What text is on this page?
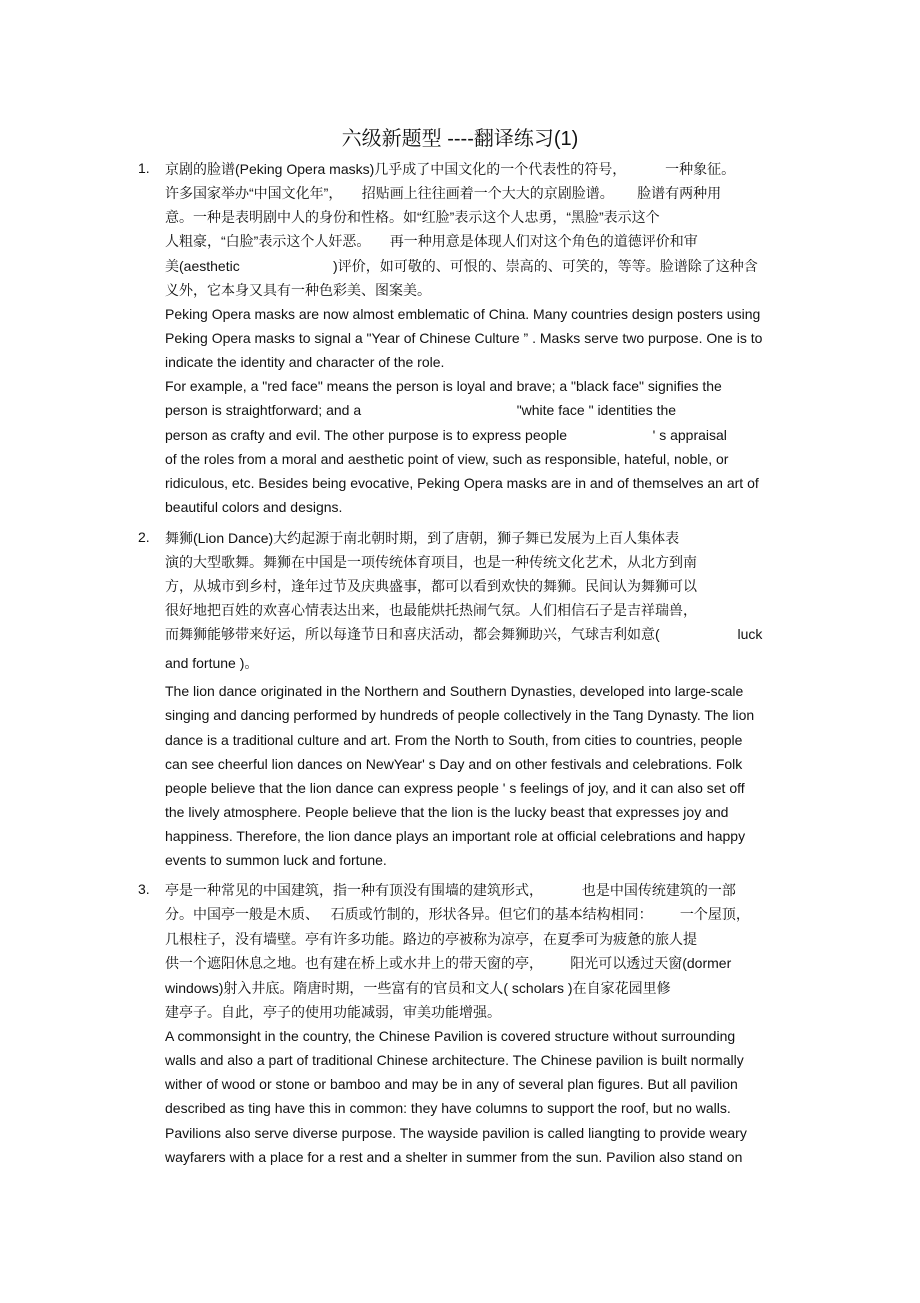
六级新题型 ----翻译练习(1)
1. 京剧的脸谱(Peking Opera masks)几乎成了中国文化的一个代表性的符号，          一种象征。
许多国家举办“中国文化年”，     招贴画上往往画着一个大大的京剧脸谱。      脸谱有两种用
意。一种是表明剧中人的身份和性格。如“红脸”表示这个人忠勇，“黑脸”表示这个
人粗豪，“白脸”表示这个人奸恶。     再一种用意是体现人们对这个角色的道德评价和审
美(aesthetic                        )评价，如可敬的、可恨的、崇高的、可笑的，等等。脸谱除了这种含
义外，它本身又具有一种色彩美、图案美。
Peking Opera masks are now almost emblematic of China. Many countries design posters using
Peking Opera masks to signal a "Year of Chinese Culture ” . Masks serve two purpose. One is to
indicate the identity and character of the role.
For example, a "red face" means the person is loyal and brave; a "black face" signifies the
person is straightforward; and a                                        "white face " identities the
person as crafty and evil. The other purpose is to express people                      ' s appraisal
of the roles from a moral and aesthetic point of view, such as responsible, hateful, noble, or
ridiculous, etc. Besides being evocative, Peking Opera masks are in and of themselves an art of
beautiful colors and designs.
2. 舞狮(Lion Dance)大约起源于南北朝时期，到了唐朝，狮子舞已发展为上百人集体表
演的大型歌舞。舞狮在中国是一项传统体育项目，也是一种传统文化艺术，从北方到南
方，从城市到乡村，逢年过节及庆典盛事，都可以看到欢快的舞狮。民间认为舞狮可以
很好地把百姓的欢喜心情表达出来，也最能烘托热闹气氛。人们相信石子是吉祥瑞兽，
而舞狮能够带来好运，所以每逢节日和喜庆活动，都会舞狮助兴，气球吉利如意(                    luck
and fortune )。
The lion dance originated in the Northern and Southern Dynasties, developed into large-scale
singing and dancing performed by hundreds of people collectively in the Tang Dynasty. The lion
dance is a traditional culture and art. From the North to South, from cities to countries, people
can see cheerful lion dances on NewYear' s Day and on other festivals and celebrations. Folk
people believe that the lion dance can express people ' s feelings of joy, and it can also set off
the lively atmosphere. People believe that the lion is the lucky beast that expresses joy and
happiness. Therefore, the lion dance plays an important role at official celebrations and happy
events to summon luck and fortune.
3. 亭是一种常见的中国建筑，指一种有顶没有围墙的建筑形式，          也是中国传统建筑的一部
分。中国亭一般是木质、   石质或竹制的，形状各异。但它们的基本结构相同：       一个屋顶，
几根柱子，没有墙壁。亭有许多功能。路边的亭被称为凉亭，在夏季可为疲惫的旅人提
供一个遮阳休息之地。也有建在桥上或水井上的带天窗的亭，       阳光可以透过天窗(dormer
windows)射入井底。隋唐时期，一些富有的官员和文人( scholars )在自家花园里修
建亭子。自此，亭子的使用功能减弱，审美功能增强。
A commonsight in the country, the Chinese Pavilion is covered structure without surrounding
walls and also a part of traditional Chinese architecture. The Chinese pavilion is built normally
wither of wood or stone or bamboo and may be in any of several plan figures. But all pavilion
described as ting have this in common: they have columns to support the roof, but no walls.
Pavilions also serve diverse purpose. The wayside pavilion is called liangting to provide weary
wayfarers with a place for a rest and a shelter in summer from the sun. Pavilion also stand on
